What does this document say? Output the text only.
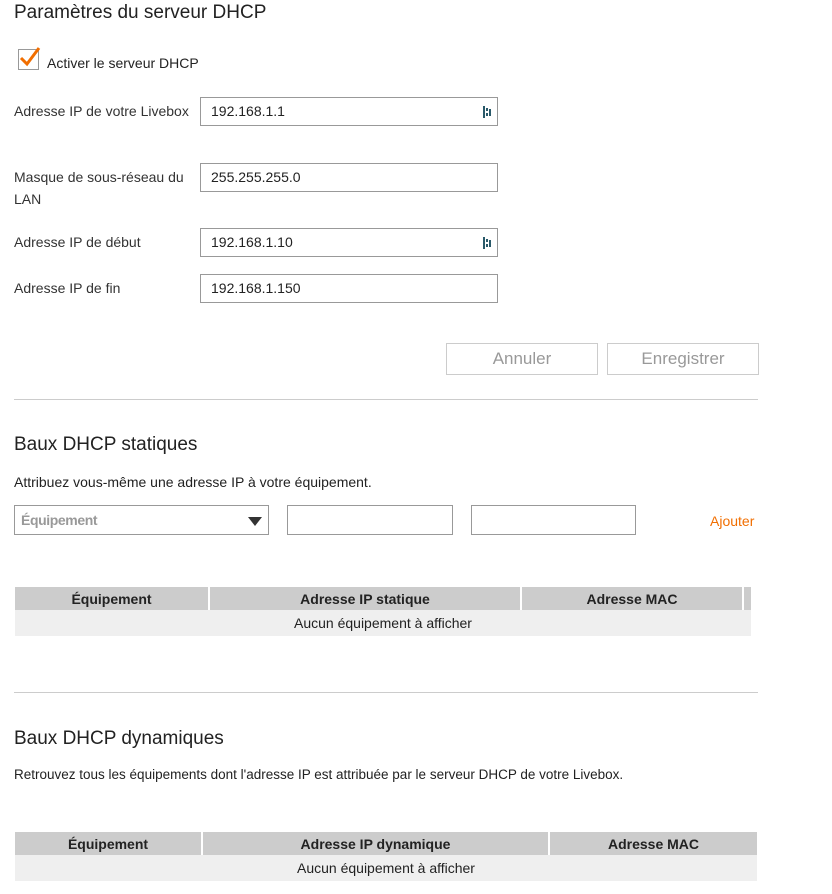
Paramètres du serveur DHCP
Activer le serveur DHCP
Adresse IP de votre Livebox	192.168.1.1
Masque de sous-réseau du LAN
255.255.255.0
Adresse IP de début	192.168.1.10
Adresse IP de fin	192.168.1.150
Annuler	Enregistrer
Baux DHCP statiques
Attribuez vous-même une adresse IP à votre équipement.
Équipement	Ajouter
Équipement	Adresse IP statique	Adresse MAC	
Aucun équipement à afficher
Baux DHCP dynamiques
Retrouvez tous les équipements dont l'adresse IP est attribuée par le serveur DHCP de votre Livebox.
Équipement	Adresse IP dynamique	Adresse MAC
Aucun équipement à afficher
